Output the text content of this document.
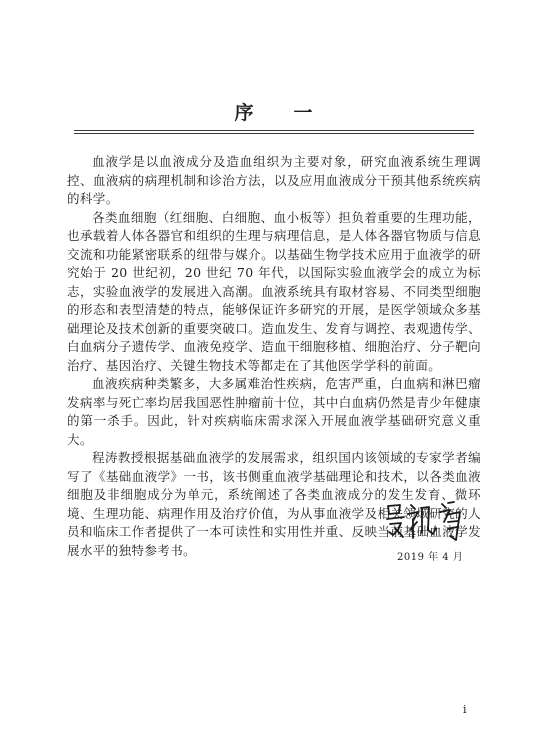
序 一

血液学是以血液成分及造血组织为主要对象，研究血液系统生理调控、血液病的病理机制和诊治方法，以及应用血液成分干预其他系统疾病的科学。

各类血细胞（红细胞、白细胞、血小板等）担负着重要的生理功能，也承载着人体各器官和组织的生理与病理信息，是人体各器官物质与信息交流和功能紧密联系的纽带与媒介。以基础生物学技术应用于血液学的研究始于 20 世纪初，20 世纪 70 年代，以国际实验血液学会的成立为标志，实验血液学的发展进入高潮。血液系统具有取材容易、不同类型细胞的形态和表型清楚的特点，能够保证许多研究的开展，是医学领域众多基础理论及技术创新的重要突破口。造血发生、发育与调控、表观遗传学、白血病分子遗传学、血液免疫学、造血干细胞移植、细胞治疗、分子靶向治疗、基因治疗、关键生物技术等都走在了其他医学学科的前面。

血液疾病种类繁多，大多属难治性疾病，危害严重，白血病和淋巴瘤发病率与死亡率均居我国恶性肿瘤前十位，其中白血病仍然是青少年健康的第一杀手。因此，针对疾病临床需求深入开展血液学基础研究意义重大。

程涛教授根据基础血液学的发展需求，组织国内该领域的专家学者编写了《基础血液学》一书，该书侧重血液学基础理论和技术，以各类血液细胞及非细胞成分为单元，系统阐述了各类血液成分的发生发育、微环境、生理功能、病理作用及治疗价值，为从事血液学及相关领域研究的人员和临床工作者提供了一本可读性和实用性并重、反映当前基础血液学发展水平的独特参考书。	2019 年 4 月
i
